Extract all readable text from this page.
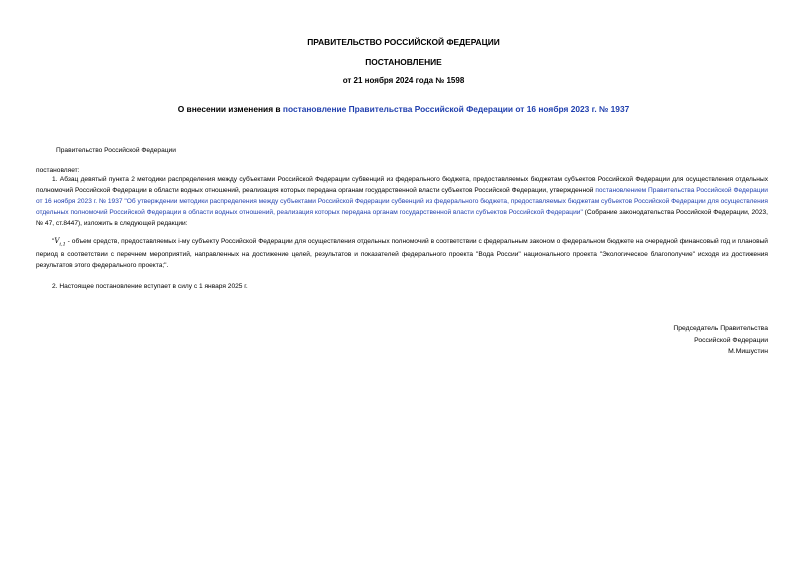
ПРАВИТЕЛЬСТВО РОССИЙСКОЙ ФЕДЕРАЦИИ
ПОСТАНОВЛЕНИЕ
от 21 ноября 2024 года № 1598
О внесении изменения в постановление Правительства Российской Федерации от 16 ноября 2023 г. № 1937
Правительство Российской Федерации
постановляет:
1. Абзац девятый пункта 2 методики распределения между субъектами Российской Федерации субвенций из федерального бюджета, предоставляемых бюджетам субъектов Российской Федерации для осуществления отдельных полномочий Российской Федерации в области водных отношений, реализация которых передана органам государственной власти субъектов Российской Федерации, утвержденной постановлением Правительства Российской Федерации от 16 ноября 2023 г. № 1937 "Об утверждении методики распределения между субъектами Российской Федерации субвенций из федерального бюджета, предоставляемых бюджетам субъектов Российской Федерации для осуществления отдельных полномочий Российской Федерации в области водных отношений, реализация которых передана органам государственной власти субъектов Российской Федерации" (Собрание законодательства Российской Федерации, 2023, № 47, ст.8447), изложить в следующей редакции:
"$V_{i,1}$ - объем средств, предоставляемых i-му субъекту Российской Федерации для осуществления отдельных полномочий в соответствии с федеральным законом о федеральном бюджете на очередной финансовый год и плановый период в соответствии с перечнем мероприятий, направленных на достижение целей, результатов и показателей федерального проекта "Вода России" национального проекта "Экологическое благополучие" исходя из достижения результатов этого федерального проекта;".
2. Настоящее постановление вступает в силу с 1 января 2025 г.
Председатель Правительства
Российской Федерации
М.Мишустин
